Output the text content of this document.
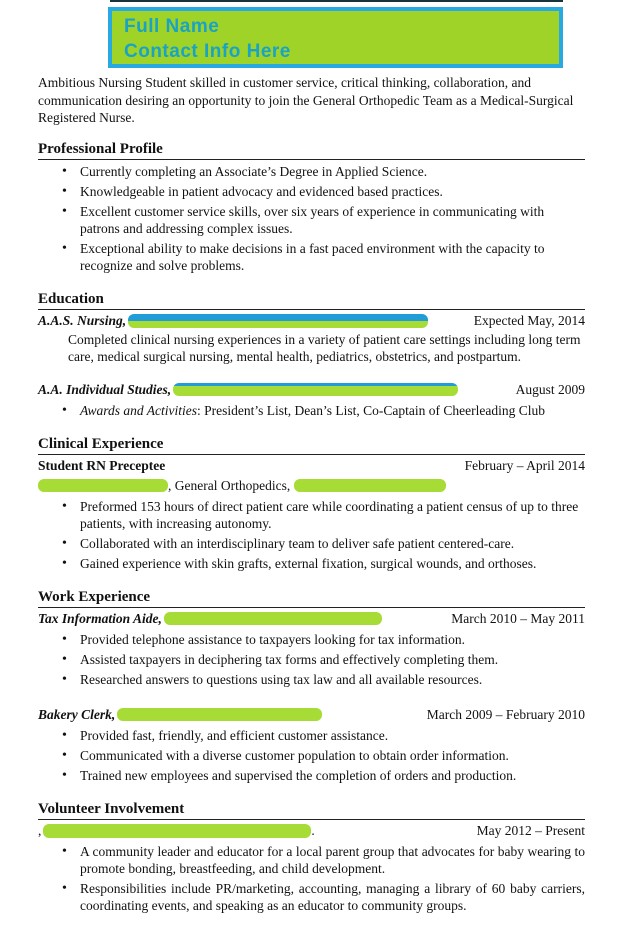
Full Name
Contact Info Here

Ambitious Nursing Student skilled in customer service, critical thinking, collaboration, and communication desiring an opportunity to join the General Orthopedic Team as a Medical-Surgical Registered Nurse.

Professional Profile
• Currently completing an Associate’s Degree in Applied Science.
• Knowledgeable in patient advocacy and evidenced based practices.
• Excellent customer service skills, over six years of experience in communicating with patrons and addressing complex issues.
• Exceptional ability to make decisions in a fast paced environment with the capacity to recognize and solve problems.
Education
A.A.S. Nursing,	Expected May, 2014
Completed clinical nursing experiences in a variety of patient care settings including long term care, medical surgical nursing, mental health, pediatrics, obstetrics, and postpartum.
A.A. Individual Studies,	August 2009
• Awards and Activities: President’s List, Dean’s List, Co-Captain of Cheerleading Club
Clinical Experience
Student RN Preceptee	February – April 2014
, General Orthopedics,
• Preformed 153 hours of direct patient care while coordinating a patient census of up to three patients, with increasing autonomy.
• Collaborated with an interdisciplinary team to deliver safe patient centered-care.
• Gained experience with skin grafts, external fixation, surgical wounds, and orthoses.
Work Experience
Tax Information Aide,	March 2010 – May 2011
• Provided telephone assistance to taxpayers looking for tax information.
• Assisted taxpayers in deciphering tax forms and effectively completing them.
• Researched answers to questions using tax law and all available resources.
Bakery Clerk,	March 2009 – February 2010
• Provided fast, friendly, and efficient customer assistance.
• Communicated with a diverse customer population to obtain order information.
• Trained new employees and supervised the completion of orders and production.
Volunteer Involvement
,	.	May 2012 – Present
• A community leader and educator for a local parent group that advocates for baby wearing to promote bonding, breastfeeding, and child development.
• Responsibilities include PR/marketing, accounting, managing a library of 60 baby carriers, coordinating events, and speaking as an educator to community groups.
